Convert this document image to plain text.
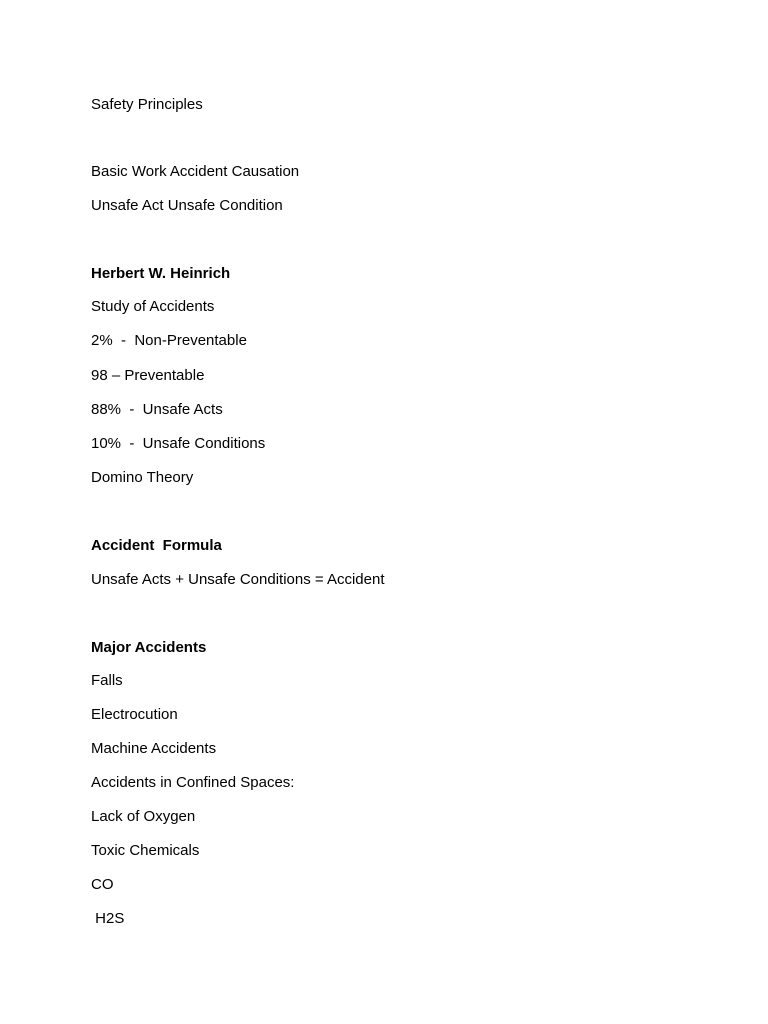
Safety Principles
Basic Work Accident Causation
Unsafe Act Unsafe Condition
Herbert W. Heinrich
Study of Accidents
2%  -  Non-Preventable
98 – Preventable
88%  -  Unsafe Acts
10%  -  Unsafe Conditions
Domino Theory
Accident  Formula
Unsafe Acts + Unsafe Conditions = Accident
Major Accidents
Falls
Electrocution
Machine Accidents
Accidents in Confined Spaces:
Lack of Oxygen
Toxic Chemicals
CO
H2S
